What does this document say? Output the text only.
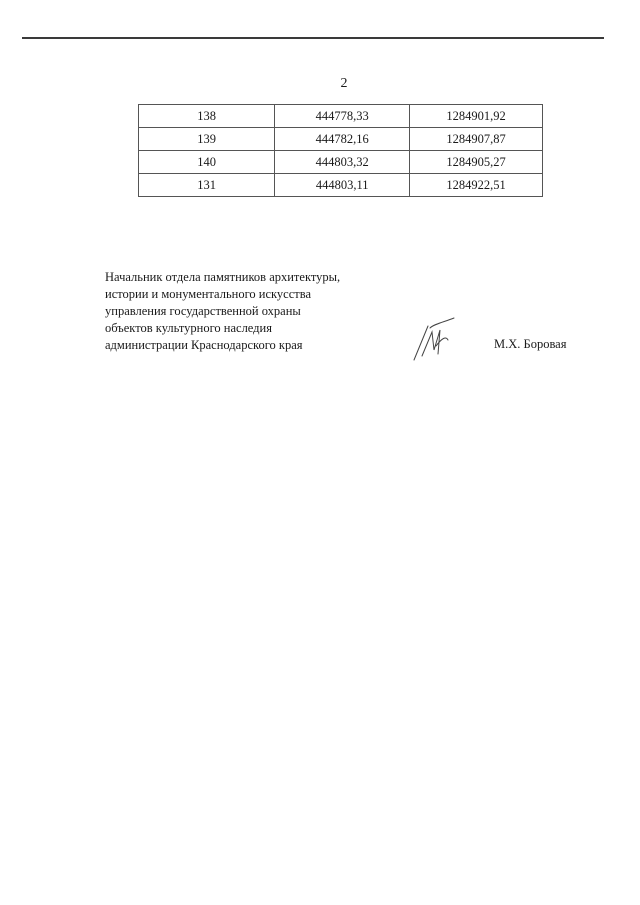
2
138	444778,33	1284901,92
139	444782,16	1284907,87
140	444803,32	1284905,27
131	444803,11	1284922,51
Начальник отдела памятников архитектуры,
истории и монументального искусства
управления государственной охраны
объектов культурного наследия
администрации Краснодарского края	М.Х. Боровая
